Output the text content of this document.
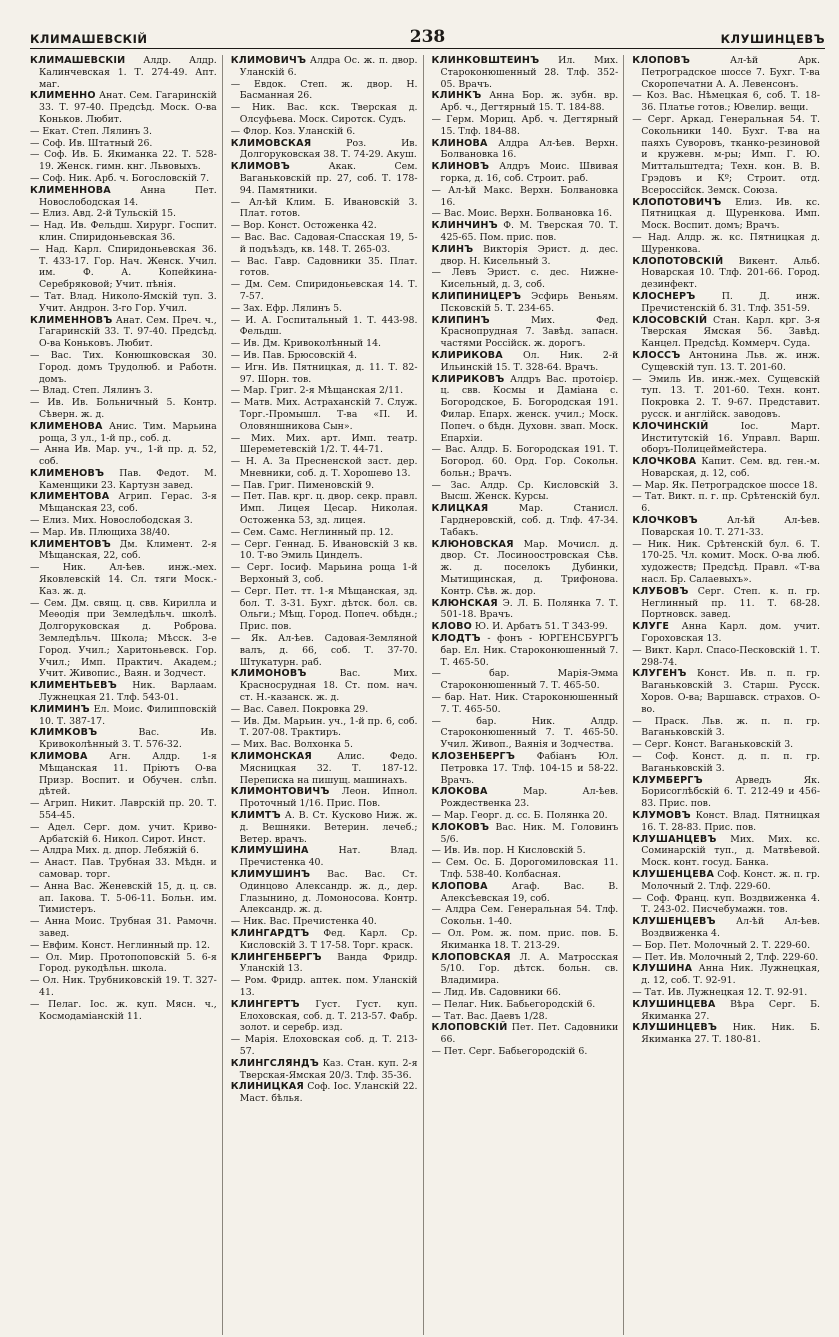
КЛИМАШЕВСКІЙ	238	КЛУШИНЦЕВЪ

КЛИМАШЕВСКІЙ Алдр. Алдр. Калинчевская 1. Т. 274-49. Апт. маг.

КЛИМЕННО Анат. Сем. Гагаринскій 33. Т. 97-40. Предсѣд. Моск. О-ва Коньков. Любит.

— Екат. Степ. Лялинъ 3.

— Соф. Ив. Штатный 26.

— Соф. Ив. Б. Якиманка 22. Т. 528-19. Женск. гимн. кнг. Львовыхъ.

— Соф. Ник. Арб. ч. Богословскій 7.

КЛИМЕННОВА	Анна Пет. Новослободская 14.

— Елиз. Авд. 2-й Тульскій 15.

— Над. Ив. Фельдш. Хирург. Госпит. клин. Спиридоньевская 36.

— Над. Карл. Спиридоньевская 36. Т. 433-17. Гор. Нач. Женск. Учил. им. Ф. А. Копейкина-Серебряковой; Учит. пѣнія.

— Тат. Влад. Николо-Ямскій туп. 3. Учит. Андрон. 3-го Гор. Учил.

КЛИМЕННОВЪ Анат. Сем. Преч. ч., Гагаринскій 33. Т. 97-40. Предсѣд. О-ва Коньковъ. Любит.

— Вас. Тих. Конюшковская 30. Город. домъ Трудолюб. и Работн. домъ.

— Влад. Степ. Лялинъ 3.

— Ив. Ив. Больничный 5. Контр. Сѣверн. ж. д.

КЛИМЕНОВА Анис. Тим. Марьина роща, 3 ул., 1-й пр., соб. д.

— Анна Ив. Мар. уч., 1-й пр. д. 52, соб.

КЛИМЕНОВЪ Пав. Федот. М. Каменщики 23. Картузн завед.

КЛИМЕНТОВА Агрип. Герас. 3-я Мѣщанская 23, соб.

— Елиз. Мих. Новослободская 3.

— Мар. Ив. Плющиха 38/40.

КЛИМЕНТОВЪ Дм. Климент. 2-я Мѣщанская, 22, соб.

— Ник. Ал-ѣев. инж.-мех. Яковлевскій 14. Сл. тяги Моск.-Каз. ж. д.

— Сем. Дм. свящ. ц. свв. Кирилла и Меѳодія при Земледѣльч. школѣ. Долгоруковская д. Роброва. Земледѣльч. Школа; Мѣсск. 3-е Город. Учил.; Харитоньевск. Гор. Учил.; Имп. Практич. Академ.; Учит. Живопис., Ваян. и Зодчест.

КЛИМЕНТЬЕВЪ Ник. Варлаам. Лужнецкая 21. Тлф. 543-01.

КЛИМИНЪ Ел. Моис. Филипповскій 10. Т. 387-17.

КЛИМКОВЪ	Вас. Ив. Кривоколѣнный 3. Т. 576-32.

КЛИМОВА Агн. Алдр. 1-я Мѣщанская 11. Пріютъ О-ва Призр. Воспит. и Обучен. слѣп. дѣтей.

— Агрип. Никит. Лаврскій пр. 20. Т. 554-45.

— Адел. Серг. дом. учит. Криво-Арбатскій 6. Никол. Сирот. Инст.

— Алдра Мих. д. дпор. Лебяжій 6.

— Анаст. Пав. Трубная 33. Мѣдн. и самовар. торг.

— Анна Вас. Женевскій 15, д. ц. св. ап. Іакова. Т. 5-06-11. Больн. им. Тимистеръ.

— Анна Моис. Трубная 31. Рамочн. завед.

— Евфим. Конст. Неглинный пр. 12.

— Ол. Мир. Протопоповскій 5. 6-я Город. рукодѣльн. школа.

— Ол. Ник. Трубниковскій 19. Т. 327-41.

— Пелаг. Іос. ж. куп. Мясн. ч., Космодаміанскій 11.

КЛИМОВИЧЪ Алдра Ос. ж. п. двор. Уланскій 6.

— Евдок. Степ. ж. двор. Н. Басманная 26.

— Ник. Вас. кск. Тверская д. Олсуфьева. Моск. Сиротск. Судъ.

— Флор. Коз. Уланскій 6.

КЛИМОВСКАЯ	Роз. Ив. Долгоруковская 38. Т. 74-29. Акуш.

КЛИМОВЪ	Акак. Сем. Ваганьковскій пр. 27, соб. Т. 178-94. Памятники.

— Ал-ѣй Клим. Б. Ивановскій 3. Плат. готов.

— Вор. Конст. Остоженка 42.

— Вас. Вас. Садовая-Спасская 19, 5-й подъѣздъ, кв. 148. Т. 265-03.

— Вас. Гавр. Садовники 35. Плат. готов.

— Дм. Сем. Спиридоньевская 14. Т. 7-57.

— Зах. Ефр. Лялинъ 5.

— И. А. Госпитальный 1. Т. 443-98. Фельдш.

— Ив. Дм. Кривоколѣнный 14.

— Ив. Пав. Брюсовскій 4.

— Игн. Ив. Пятницкая, д. 11. Т. 82-97. Шорн. тов.

— Мар. Григ. 2-я Мѣщанская 2/11.

— Матв. Мих. Астраханскій 7. Служ. Торг.-Промышл. Т-ва «П. И. Оловяншникова Сын».

— Мих. Мих. арт. Имп. театр. Шереметевскій 1/2. Т. 44-71.

— Н. А. За Пресненской заст. дер. Мневники, соб. д. Т. Хорошево 13.

— Пав. Григ. Пименовскій 9.

— Пет. Пав. крг. ц. двор. секр. правл. Имп. Лицея Цесар. Николая. Остоженка 53, зд. лицея.

— Сем. Самс. Неглинный пр. 12.

— Серг. Геннад. Б. Ивановскій 3 кв. 10. Т-во Эмиль Цинделъ.

— Серг. Іосиф. Марьина роща 1-й Верхоный 3, соб.

— Серг. Пет. тт. 1-я Мѣщанская, зд. бол. Т. 3-31. Бухг. дѣтск. бол. св. Ольги.; Мѣщ. Город. Попеч. обѣдн.; Прис. пов.

— Як. Ал-ѣев. Садовая-Земляной валъ, д. 66, соб. Т. 37-70. Штукатурн. раб.

КЛИМОНОВЪ	Вас. Мих. Красносрудная 18. Ст. пом. нач. ст. Н.-казанск. ж. д.

— Вас. Савел. Покровка 29.

— Ив. Дм. Марьин. уч., 1-й пр. 6, соб. Т. 207-08. Трактиръ.

— Мих. Вас. Волхонка 5.

КЛИМОНСКАЯ	Алис. Федо. Мясницкая 32. Т. 187-12. Переписка на пишущ. машинахъ.

КЛИМОНТОВИЧЪ Леон. Ипнол. Проточный 1/16. Прис. Пов.

КЛИМТЪ А. В. Ст. Кусково Ниж. ж. д. Вешняки. Ветерин. лечеб.; Ветер. врачъ.

КЛИМУШИНА	Нат. Влад. Пречистенка 40.

КЛИМУШИНЪ Вас. Вас. Ст. Одинцово Александр. ж. д., дер. Глазынино, д. Ломоносова. Контр. Александр. ж. д.

— Ник. Вас. Пречистенка 40.

КЛИНГАРДТЪ Фед. Карл. Ср. Кисловскій 3. Т 17-58. Торг. краск.

КЛИНГЕНБЕРГЪ Ванда Фридр. Уланскій 13.

— Ром. Фридр. аптек. пом. Уланскій 13.

КЛИНГЕРТЪ Густ. Густ. куп. Елоховская, соб. д. Т. 213-57. Фабр. золот. и серебр. изд.

— Марія. Елоховская соб. д. Т. 213-57.

КЛИНГСЛЯНДЪ Каз. Стан. куп. 2-я Тверская-Ямская 20/3. Тлф. 35-36.

КЛИНИЦКАЯ Соф. Іос. Уланскій 22. Маст. бѣлья.

КЛИНКОВШТЕЙНЪ Ил. Мих. Староконюшенный 28. Тлф. 352-05. Врачъ.

КЛИНКЪ Анна Бор. ж. зубн. вр. Арб. ч., Дегтярный 15. Т. 184-88.

— Герм. Мориц. Арб. ч. Дегтярный 15. Тлф. 184-88.

КЛИНОВА Алдра Ал-ѣев. Верхн. Болвановка 16.

КЛИНОВЪ Алдръ Моис. Швивая горка, д. 16, соб. Строит. раб.

— Ал-ѣй Макс. Верхн. Болвановка 16.

— Вас. Моис. Верхн. Болвановка 16.

КЛИНЧИНЪ Ф. М. Тверская 70. Т. 425-65. Пом. прис. пов.

КЛИНЪ Викторія Эрист. д. дес. двор. Н. Кисельный 3.

— Левъ Эрист. с. дес. Нижне-Кисельный, д. 3, соб.

КЛИПИНИЦЕРЪ Эсфирь Веньям. Псковскій 5. Т. 234-65.

КЛИПИНЪ	Мих. Фед. Краснопрудная 7. Завѣд. запасн. частями Россійск. ж. дорогъ.

КЛИРИКОВА Ол. Ник. 2-й Ильинскій 15. Т. 328-64. Врачъ.

КЛИРИКОВЪ Алдръ Вас. протоієр. ц. свв. Космы и Даміана с. Богородское, Б. Богородская 191. Филар. Епарх. женск. учил.; Моск. Попеч. о бѣдн. Духовн. звап. Моск. Епархіи.

— Вас. Алдр. Б. Богородская 191. Т. Богород. 60. Орд. Гор. Сокольн. больн.; Врачъ.

— Зас. Алдр. Ср. Кисловскій 3. Высш. Женск. Курсы.

КЛИЦКАЯ	Мар. Станисл. Гарднеровскій, соб. д. Тлф. 47-34. Табакъ.

КЛЮНОВСКАЯ Мар. Мочисл. д. двор. Ст. Лосиноостровская Сѣв. ж. д. поселокъ Дубинки, Мытищинская, д. Трифонова. Контр. Сѣв. ж. дор.

КЛЮНСКАЯ Э. Л. Б. Полянка 7. Т. 501-18. Врачъ.

КЛОВО Ю. И. Арбатъ 51. Т 343-99.

КЛОДТЪ - фонъ - ЮРГЕНСБУРГЪ бар. Ел. Ник. Староконюшенный 7. Т. 465-50.

— бар. Марія-Эмма Староконюшенный 7. Т. 465-50.

— бар. Нат. Ник. Староконюшенный 7. Т. 465-50.

— бар. Ник. Алдр. Староконюшенный 7. Т. 465-50. Учил. Живоп., Ваянія и Зодчества.

КЛОЗЕНБЕРГЪ Фабіанъ Юл. Петровка 17. Тлф. 104-15 и 58-22. Врачъ.

КЛОКОВА	Мар. Ал-ѣев. Рождественка 23.

— Мар. Георг. д. сс. Б. Полянка 20.

КЛОКОВЪ Вас. Ник. М. Головинъ 5/6.

— Ив. Ив. пор. Н Кисловскій 5.

— Сем. Ос. Б. Дорогомиловская 11. Тлф. 538-40. Колбасная.

КЛОПОВА	Агаф. Вас. В. Алексѣевская 19, соб.

— Алдра Сем. Генеральная 54. Тлф. Сокольн. 1-40.

— Ол. Ром. ж. пом. прис. пов. Б. Якиманка 18. Т. 213-29.

КЛОПОВСКАЯ Л. А. Матросская 5/10. Гор. дѣтск. больн. св. Владимира.

— Лид. Ив. Садовники 66.

— Пелаг. Ник. Бабьегородскій 6.

— Тат. Вас. Даевъ 1/28.

КЛОПОВСКІЙ Пет. Пет. Садовники 66.

— Пет. Серг. Бабьегородскій 6.

КЛОПОВЪ	Ал-ѣй Арк. Петроградское шоссе 7. Бухг. Т-ва Скоропечатни А. А. Левенсонъ.

— Коз. Вас. Нѣмецкая 6, соб. Т. 18-36. Платье готов.; Ювелир. вещи.

— Серг. Аркад. Генеральная 54. Т. Сокольники 140. Бухг. Т-ва на паяхъ Суворовъ, тканко-резиновой и кружевн. м-ры; Имп. Г. Ю. Миттальштедта; Техн. кон. В. В. Грэдовъ и Кº; Строит. отд. Всероссійск. Земск. Союза.

КЛОПОТОВИЧЪ Елиз. Ив. кс. Пятницкая д. Щуренкова. Имп. Моск. Воспит. домъ; Врачъ.

— Над. Алдр. ж. кс. Пятницкая д. Щуренкова.

КЛОПОТОВСКІЙ Викент. Альб. Новарская 10. Тлф. 201-66. Город. дезинфект.

КЛОСНЕРЪ	П. Д. инж. Пречистенскій б. 31. Тлф. 351-59.

КЛОСОВСКІЙ Стан. Карл. крг. 3-я Тверская Ямская 56. Завѣд. Канцел. Предсѣд. Коммерч. Суда.

КЛОССЪ Антонина Льв. ж. инж. Сущевскій туп. 13. Т. 201-60.

— Эмиль Ив. инж.-мех. Сущевскій туп. 13. Т. 201-60. Техн. конт. Покровка 2. Т. 9-67. Представит. русск. и англійск. заводовъ.

КЛОЧИНСКІЙ	Іос. Март. Институтскій 16. Управл. Варш. оборъ-Полицеймейстера.

КЛОЧКОВА Капит. Сем. вд. ген.-м. Новарская, д. 12, соб.

— Мар. Як. Петроградское шоссе 18.

— Тат. Викт. п. г. пр. Срѣтенскій бул. 6.

КЛОЧКОВЪ	Ал-ѣй Ал-ѣев. Поварская 10. Т. 271-33.

— Ник. Ник. Срѣтенскій бул. 6. Т. 170-25. Чл. комит. Моск. О-ва люб. художеств; Предсѣд. Правл. «Т-ва насл. Бр. Салаевыхъ».

КЛУБОВЪ Серг. Степ. к. п. гр. Неглинный пр. 11. Т. 68-28. Портновск. завед.

КЛУГЕ Анна Карл. дом. учит. Гороховская 13.

— Викт. Карл. Спасо-Песковскій 1. Т. 298-74.

КЛУГЕНЪ Конст. Ив. п. п. гр. Ваганьковскій 3. Старш. Русск. Хоров. О-ва; Варшавск. страхов. О-во.

— Праск. Льв. ж. п. п. гр. Ваганьковскій 3.

— Серг. Конст. Ваганьковскій 3.

— Соф. Конст. д. п. п. гр. Ваганьковскій 3.

КЛУМБЕРГЪ	Арведъ Як. Борисоглѣбскій 6. Т. 212-49 и 456-83. Прис. пов.

КЛУМОВЪ Конст. Влад. Пятницкая 16. Т. 28-83. Прис. пов.

КЛУШАНЦЕВЪ Мих. Мих. кс. Соминарскій туп., д. Матвѣевой. Моск. конт. госуд. Банка.

КЛУШЕНЦЕВА Соф. Конст. ж. п. гр. Молочный 2. Тлф. 229-60.

— Соф. Франц. куп. Воздвиженка 4. Т. 243-02. Писчебумажн. тов.

КЛУШЕНЦЕВЪ Ал-ѣй Ал-ѣев. Воздвиженка 4.

— Бор. Пет. Молочный 2. Т. 229-60.

— Пет. Ив. Молочный 2, Тлф. 229-60.

КЛУШИНА Анна Ник. Лужнецкая, д. 12, соб. Т. 92-91.

— Тат. Ив. Лужнецкая 12. Т. 92-91.

КЛУШИНЦЕВА Вѣра Серг. Б. Якиманка 27.

КЛУШИНЦЕВЪ Ник. Ник. Б. Якиманка 27. Т. 180-81.
